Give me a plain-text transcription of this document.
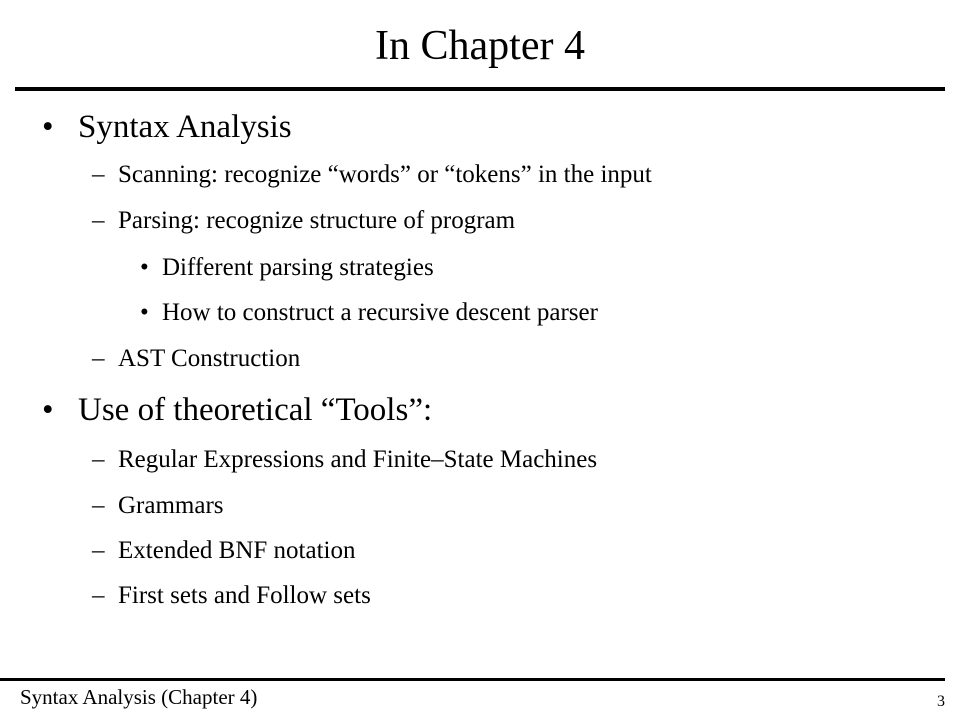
In Chapter 4
• Syntax Analysis
– Scanning: recognize “words” or “tokens” in the input
– Parsing: recognize structure of program
• Different parsing strategies
• How to construct a recursive descent parser
– AST Construction
• Use of theoretical “Tools”:
– Regular Expressions and Finite–State Machines
– Grammars
– Extended BNF notation
– First sets and Follow sets
Syntax Analysis (Chapter 4)	3
